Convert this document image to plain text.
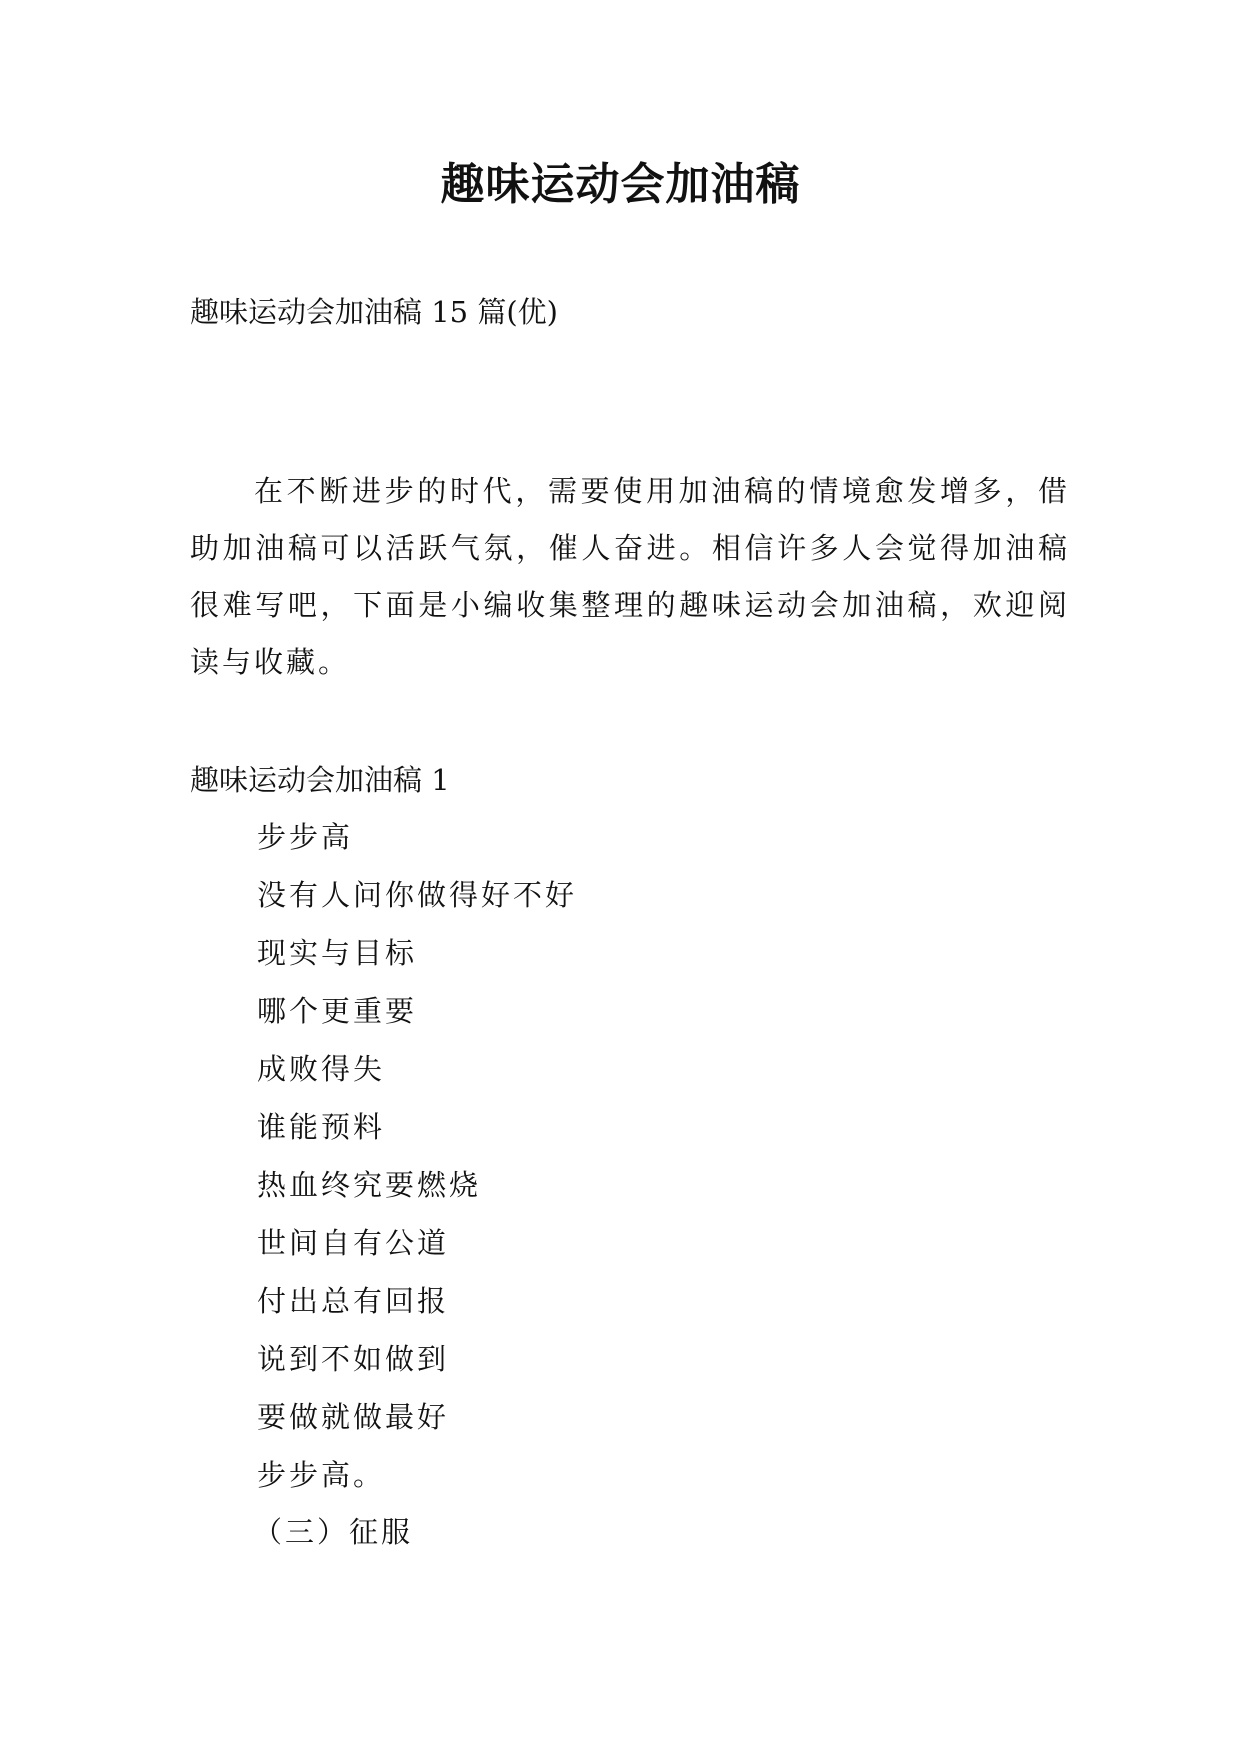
趣味运动会加油稿
趣味运动会加油稿 15 篇(优)

在不断进步的时代，需要使用加油稿的情境愈发增多，借助加油稿可以活跃气氛，催人奋进。相信许多人会觉得加油稿很难写吧，下面是小编收集整理的趣味运动会加油稿，欢迎阅读与收藏。

趣味运动会加油稿 1
步步高
没有人问你做得好不好
现实与目标
哪个更重要
成败得失
谁能预料
热血终究要燃烧
世间自有公道
付出总有回报
说到不如做到
要做就做最好
步步高。
（三）征服
